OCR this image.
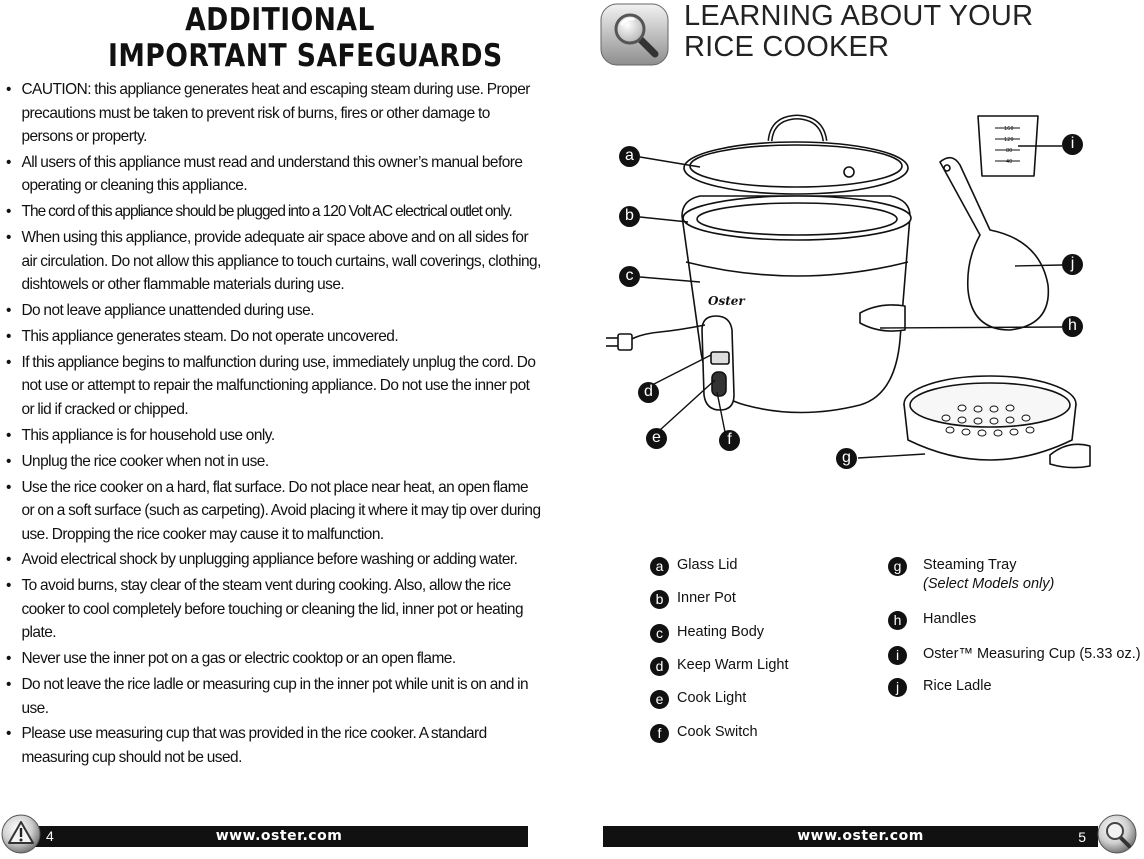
ADDITIONAL
IMPORTANT SAFEGUARDS
• CAUTION: this appliance generates heat and escaping steam during use. Proper precautions must be taken to prevent risk of burns, fires or other damage to persons or property.
• All users of this appliance must read and understand this owner’s manual before operating or cleaning this appliance.
• The cord of this appliance should be plugged into a 120 Volt AC electrical outlet only.
• When using this appliance, provide adequate air space above and on all sides for air circulation. Do not allow this appliance to touch curtains, wall coverings, clothing, dishtowels or other flammable materials during use.
• Do not leave appliance unattended during use.
• This appliance generates steam. Do not operate uncovered.
• If this appliance begins to malfunction during use, immediately unplug the cord. Do not use or attempt to repair the malfunctioning appliance. Do not use the inner pot or lid if cracked or chipped.
• This appliance is for household use only.
• Unplug the rice cooker when not in use.
• Use the rice cooker on a hard, flat surface. Do not place near heat, an open flame or on a soft surface (such as carpeting). Avoid placing it where it may tip over during use. Dropping the rice cooker may cause it to malfunction.
• Avoid electrical shock by unplugging appliance before washing or adding water.
• To avoid burns, stay clear of the steam vent during cooking. Also, allow the rice cooker to cool completely before touching or cleaning the lid, inner pot or heating plate.
• Never use the inner pot on a gas or electric cooktop or an open flame.
• Do not leave the rice ladle or measuring cup in the inner pot while unit is on and in use.
• Please use measuring cup that was provided in the rice cooker. A standard measuring cup should not be used.
4	www.oster.com
LEARNING ABOUT YOUR
RICE COOKER
Oster
160
120
80
40
a
b
c
d
e	f
g
h
i
j
a Glass Lid
b Inner Pot
c Heating Body
d Keep Warm Light
e Cook Light
f	Cook Switch
g	Steaming Tray
(Select Models only)
h	Handles
i	Oster™ Measuring Cup (5.33 oz.)
j	Rice Ladle
www.oster.com	5
